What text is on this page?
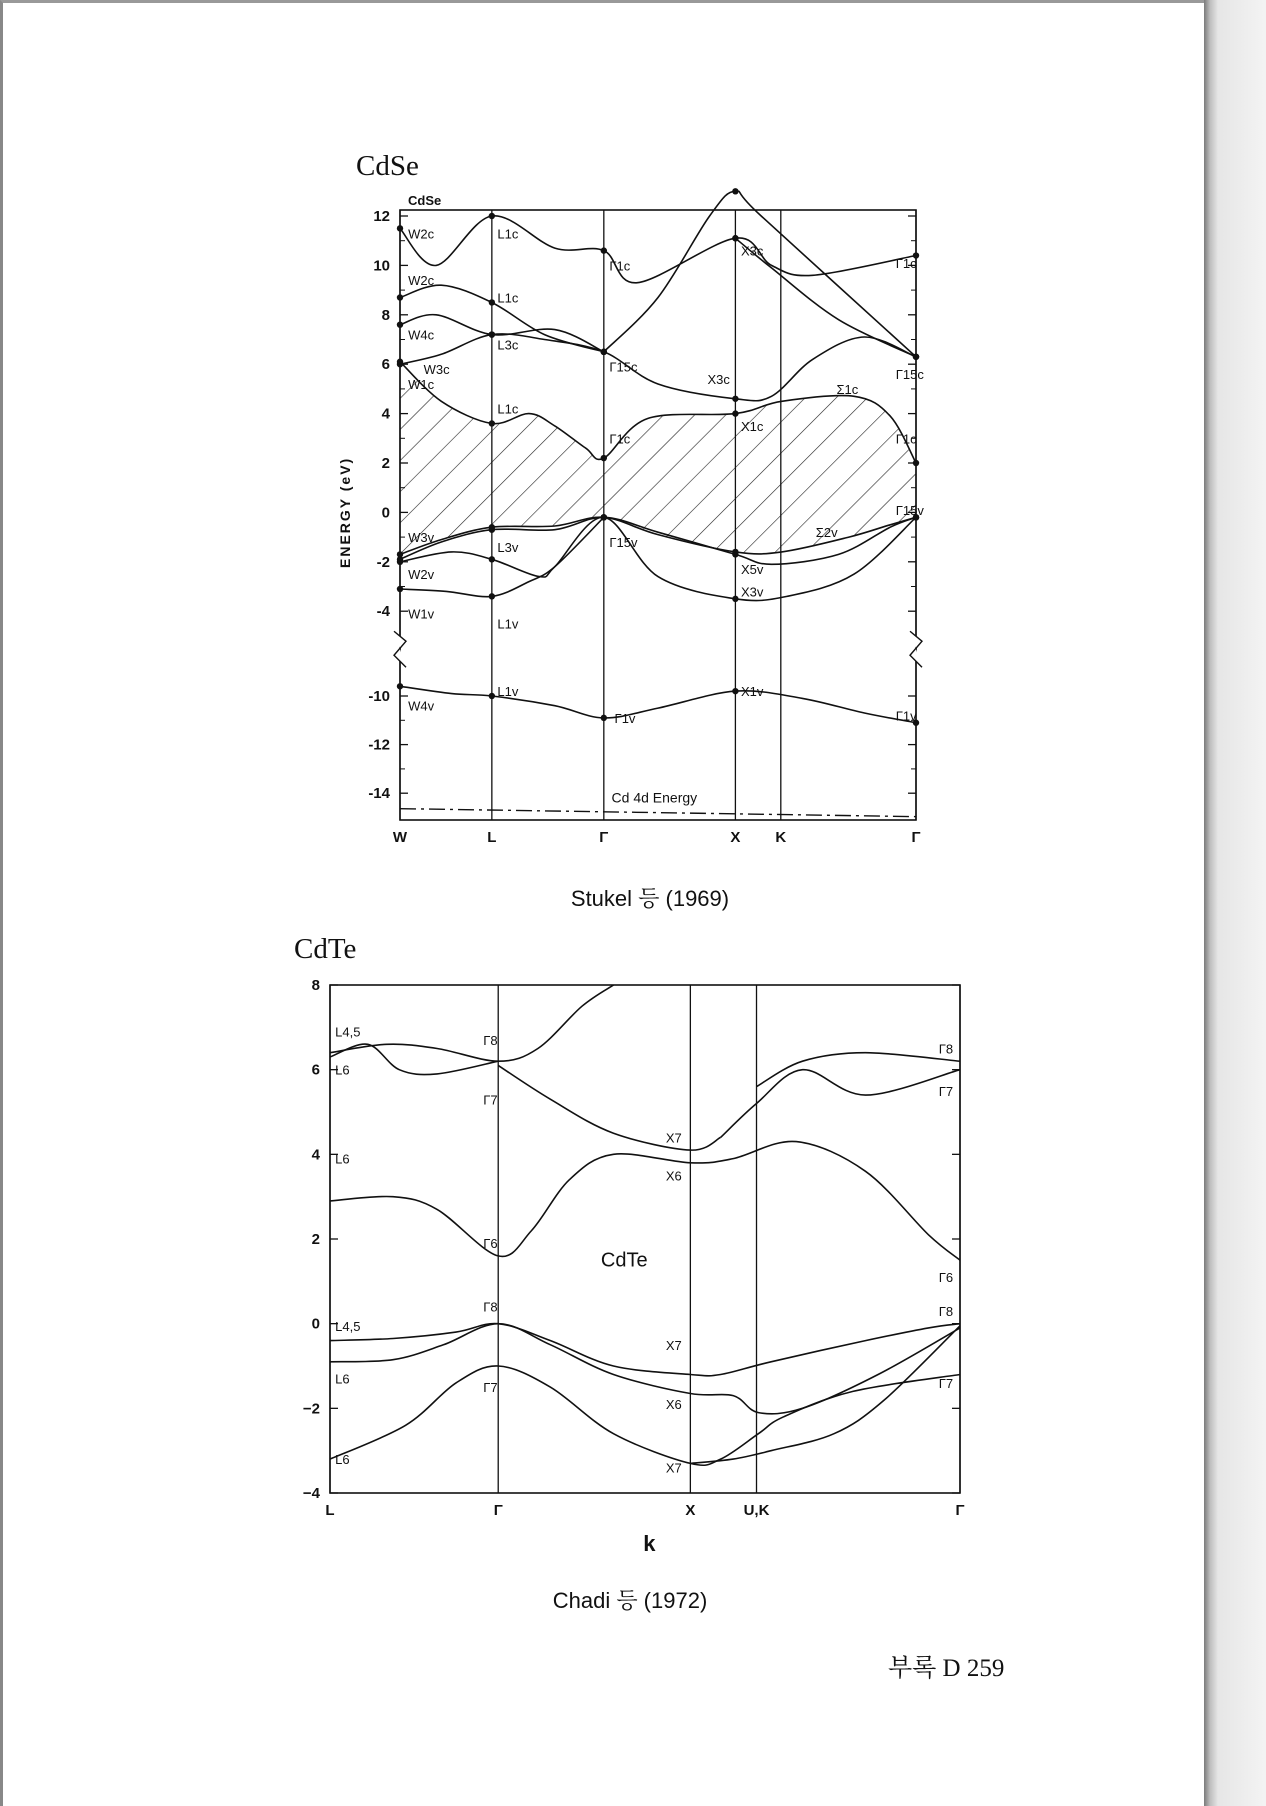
CdSe
12
10
8
6
4
2
0
-2
-4
-10
-12
-14
ENERGY (eV)
CdSe
Cd 4d Energy
W	L	Γ	X K	Γ
W2c
W2c
W4c
W3c
W1c
W3v
W2v
W1v
W4v
L1c
L1c
L3c
L1c
L3v
L1v
L1v
Γ1c
Γ15c
Γ1c
Γ15v
Γ1v
X3c
X3c
X1c
X5v
X3v
X1v
Σ1c
Σ2v
Γ1c
Γ15c
Γ1c
Γ15v
Γ1v
Stukel 등 (1969)
CdTe
8
6
4
2
0
−2
−4
CdTe
L	Γ	X	U,K	Γ
k
L4,5
L6
L6
L4,5
L6
L6
Γ8
Γ7
Γ6
Γ8
Γ7
X7
X6
X7
X6
X7
Γ8
Γ7
Γ6
Γ8
Γ7
Chadi 등 (1972)
부록 D 259
